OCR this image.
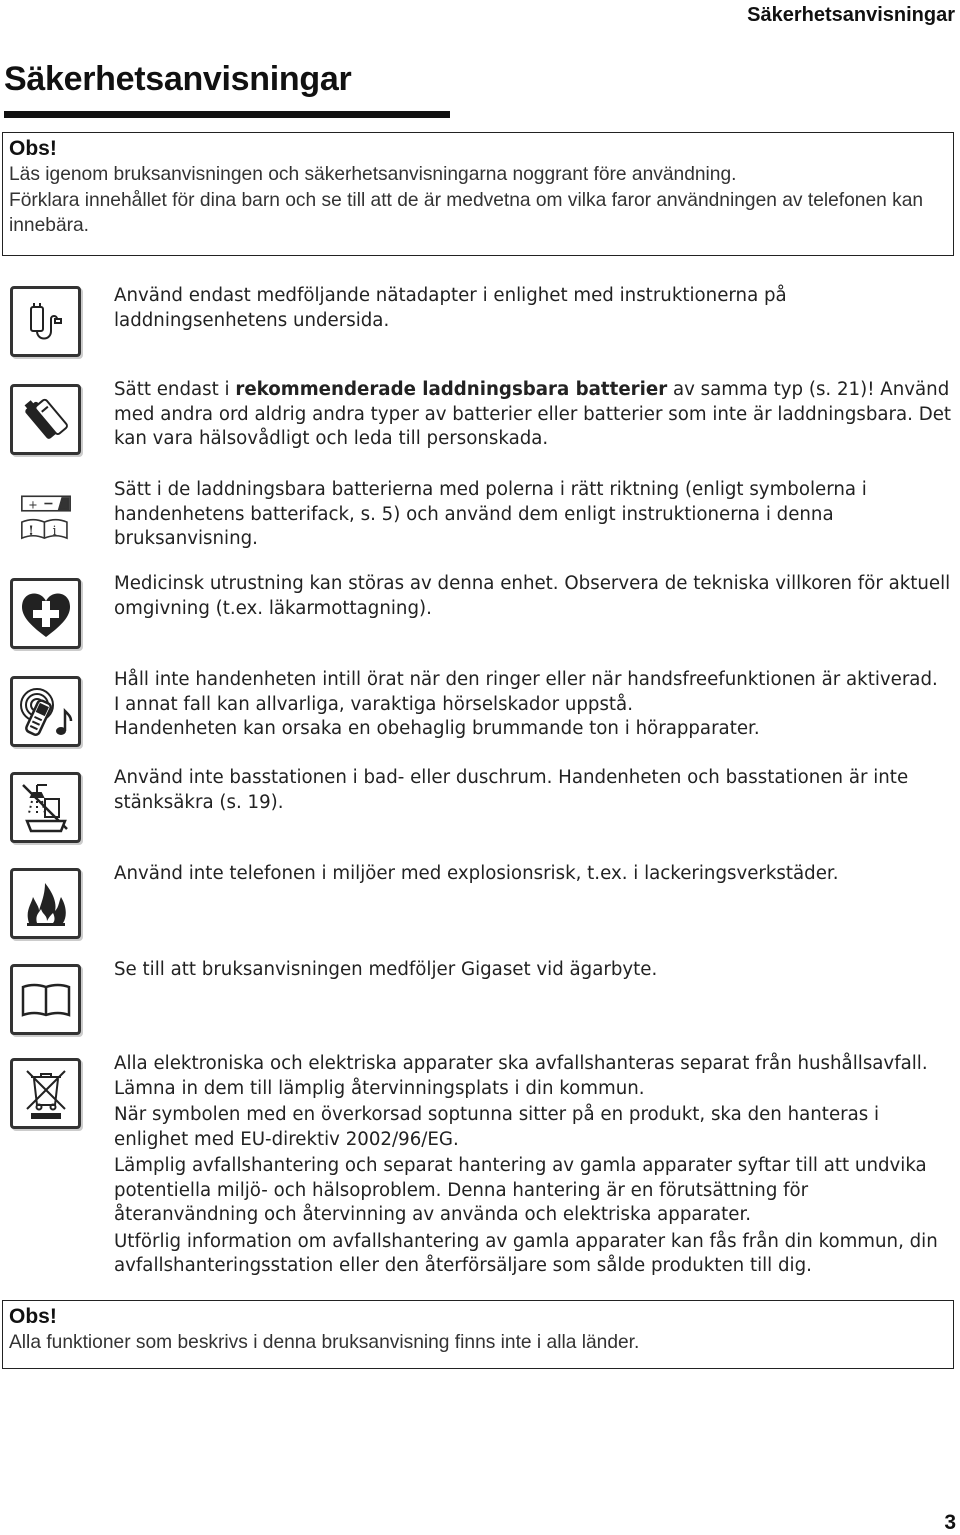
Säkerhetsanvisningar
Säkerhetsanvisningar
Obs!

Läs igenom bruksanvisningen och säkerhetsanvisningarna noggrant före användning.

Förklara innehållet för dina barn och se till att de är medvetna om vilka faror användningen av telefonen kan innebära.

Använd endast medföljande nätadapter i enlighet med instruktionerna på laddningsenhetens undersida.
Sätt endast i rekommenderade laddningsbara batterier av samma typ (s. 21)! Använd med andra ord aldrig andra typer av batterier eller batterier som inte är laddningsbara. Det kan vara hälsovådligt och leda till personskada.
+
! i
Sätt i de laddningsbara batterierna med polerna i rätt riktning (enligt symbolerna i handenhetens batterifack, s. 5) och använd dem enligt instruktionerna i denna bruksanvisning.
Medicinsk utrustning kan störas av denna enhet. Observera de tekniska villkoren för aktuell omgivning (t.ex. läkarmottagning).

Håll inte handenheten intill örat när den ringer eller när handsfreefunktionen är aktiverad.

I annat fall kan allvarliga, varaktiga hörselskador uppstå.

Handenheten kan orsaka en obehaglig brummande ton i hörapparater.

Använd inte basstationen i bad- eller duschrum. Handenheten och basstationen är inte stänksäkra (s. 19).
Använd inte telefonen i miljöer med explosionsrisk, t.ex. i lackeringsverkstäder.
Se till att bruksanvisningen medföljer Gigaset vid ägarbyte.

Alla elektroniska och elektriska apparater ska avfallshanteras separat från hushållsavfall. Lämna in dem till lämplig återvinningsplats i din kommun.

När symbolen med en överkorsad soptunna sitter på en produkt, ska den hanteras i enlighet med EU-direktiv 2002/96/EG.

Lämplig avfallshantering och separat hantering av gamla apparater syftar till att undvika potentiella miljö- och hälsoproblem. Denna hantering är en förutsättning för återanvändning och återvinning av använda och elektriska apparater.

Utförlig information om avfallshantering av gamla apparater kan fås från din kommun, din avfallshanteringsstation eller den återförsäljare som sålde produkten till dig.

Obs!

Alla funktioner som beskrivs i denna bruksanvisning finns inte i alla länder.

3
